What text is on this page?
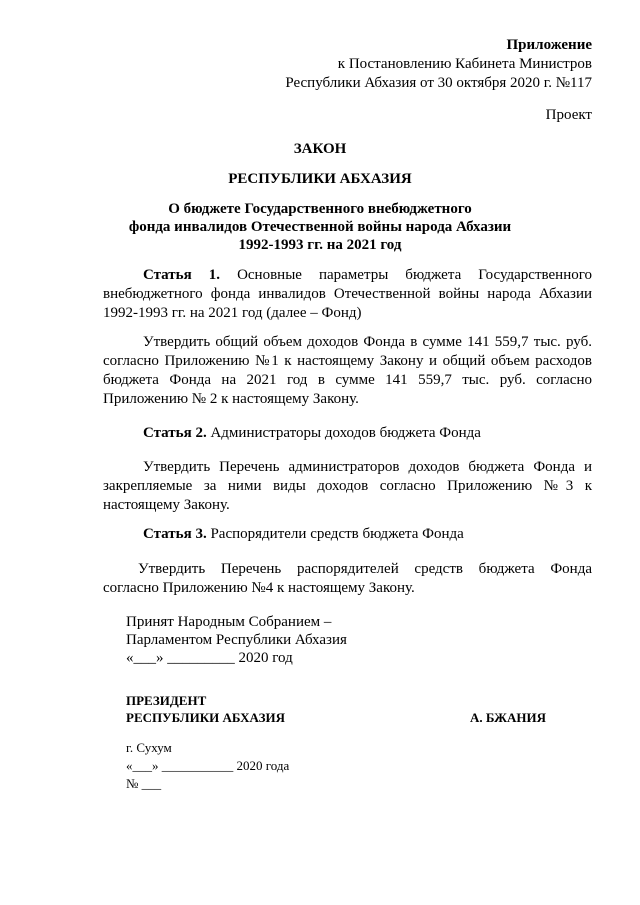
Приложение
к Постановлению Кабинета Министров
Республики Абхазия от 30 октября 2020 г. №117
Проект
ЗАКОН
РЕСПУБЛИКИ АБХАЗИЯ
О бюджете Государственного внебюджетного
фонда инвалидов Отечественной войны народа Абхазии
1992-1993 гг. на 2021 год
Статья 1. Основные параметры бюджета Государственного
внебюджетного фонда инвалидов Отечественной войны народа Абхазии
1992-1993 гг. на 2021 год (далее – Фонд)
Утвердить общий объем доходов Фонда в сумме 141 559,7 тыс. руб.
согласно Приложению №1 к настоящему Закону и общий объем расходов
бюджета Фонда на 2021 год в сумме 141 559,7 тыс. руб. согласно
Приложению № 2 к настоящему Закону.
Статья 2. Администраторы доходов бюджета Фонда
Утвердить Перечень администраторов доходов бюджета Фонда и
закрепляемые за ними виды доходов согласно Приложению №3 к
настоящему Закону.
Статья 3. Распорядители средств бюджета Фонда
Утвердить Перечень распорядителей средств бюджета Фонда
согласно Приложению №4 к настоящему Закону.
Принят Народным Собранием –
Парламентом Республики Абхазия
«___» _________ 2020 год
ПРЕЗИДЕНТ
РЕСПУБЛИКИ АБХАЗИЯ	А. БЖАНИЯ
г. Сухум
«___» ___________ 2020 года
№ ___
